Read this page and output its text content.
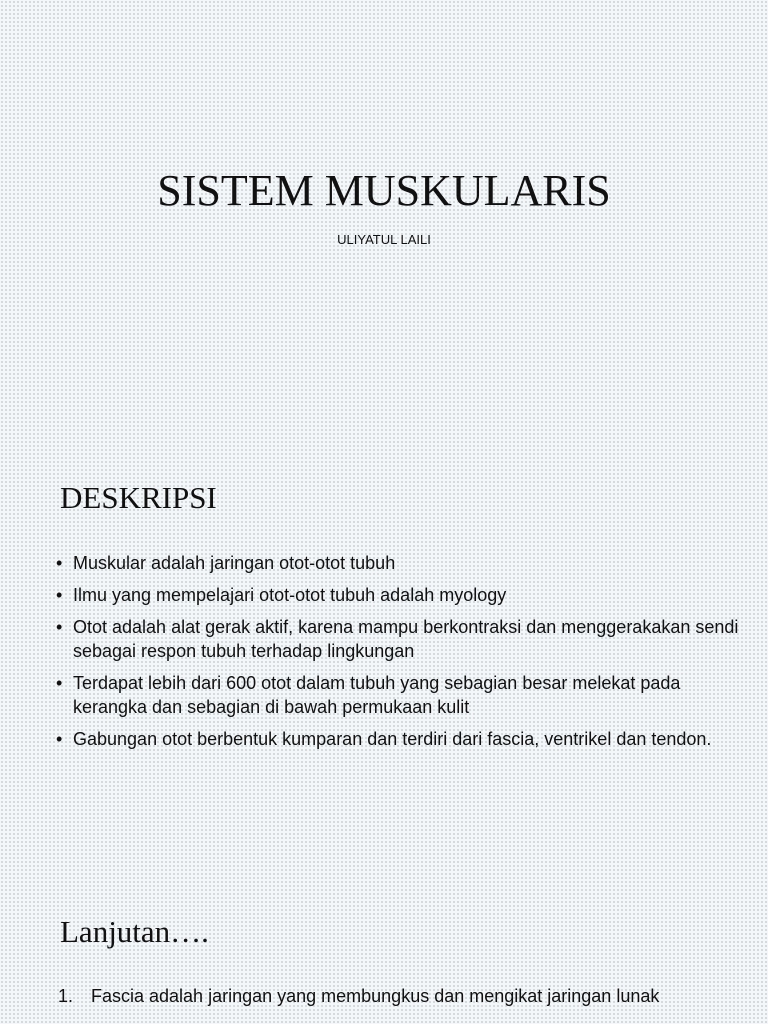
SISTEM MUSKULARIS

ULIYATUL LAILI

DESKRIPSI
• Muskular adalah jaringan otot-otot tubuh
• Ilmu yang mempelajari otot-otot tubuh adalah myology
• Otot adalah alat gerak aktif, karena mampu berkontraksi dan menggerakakan sendi sebagai respon tubuh terhadap lingkungan
• Terdapat lebih dari 600 otot dalam tubuh yang sebagian besar melekat pada kerangka dan sebagian di bawah permukaan kulit
• Gabungan otot berbentuk kumparan dan terdiri dari fascia, ventrikel dan tendon.
Lanjutan….
1. Fascia adalah jaringan yang membungkus dan mengikat jaringan lunak
